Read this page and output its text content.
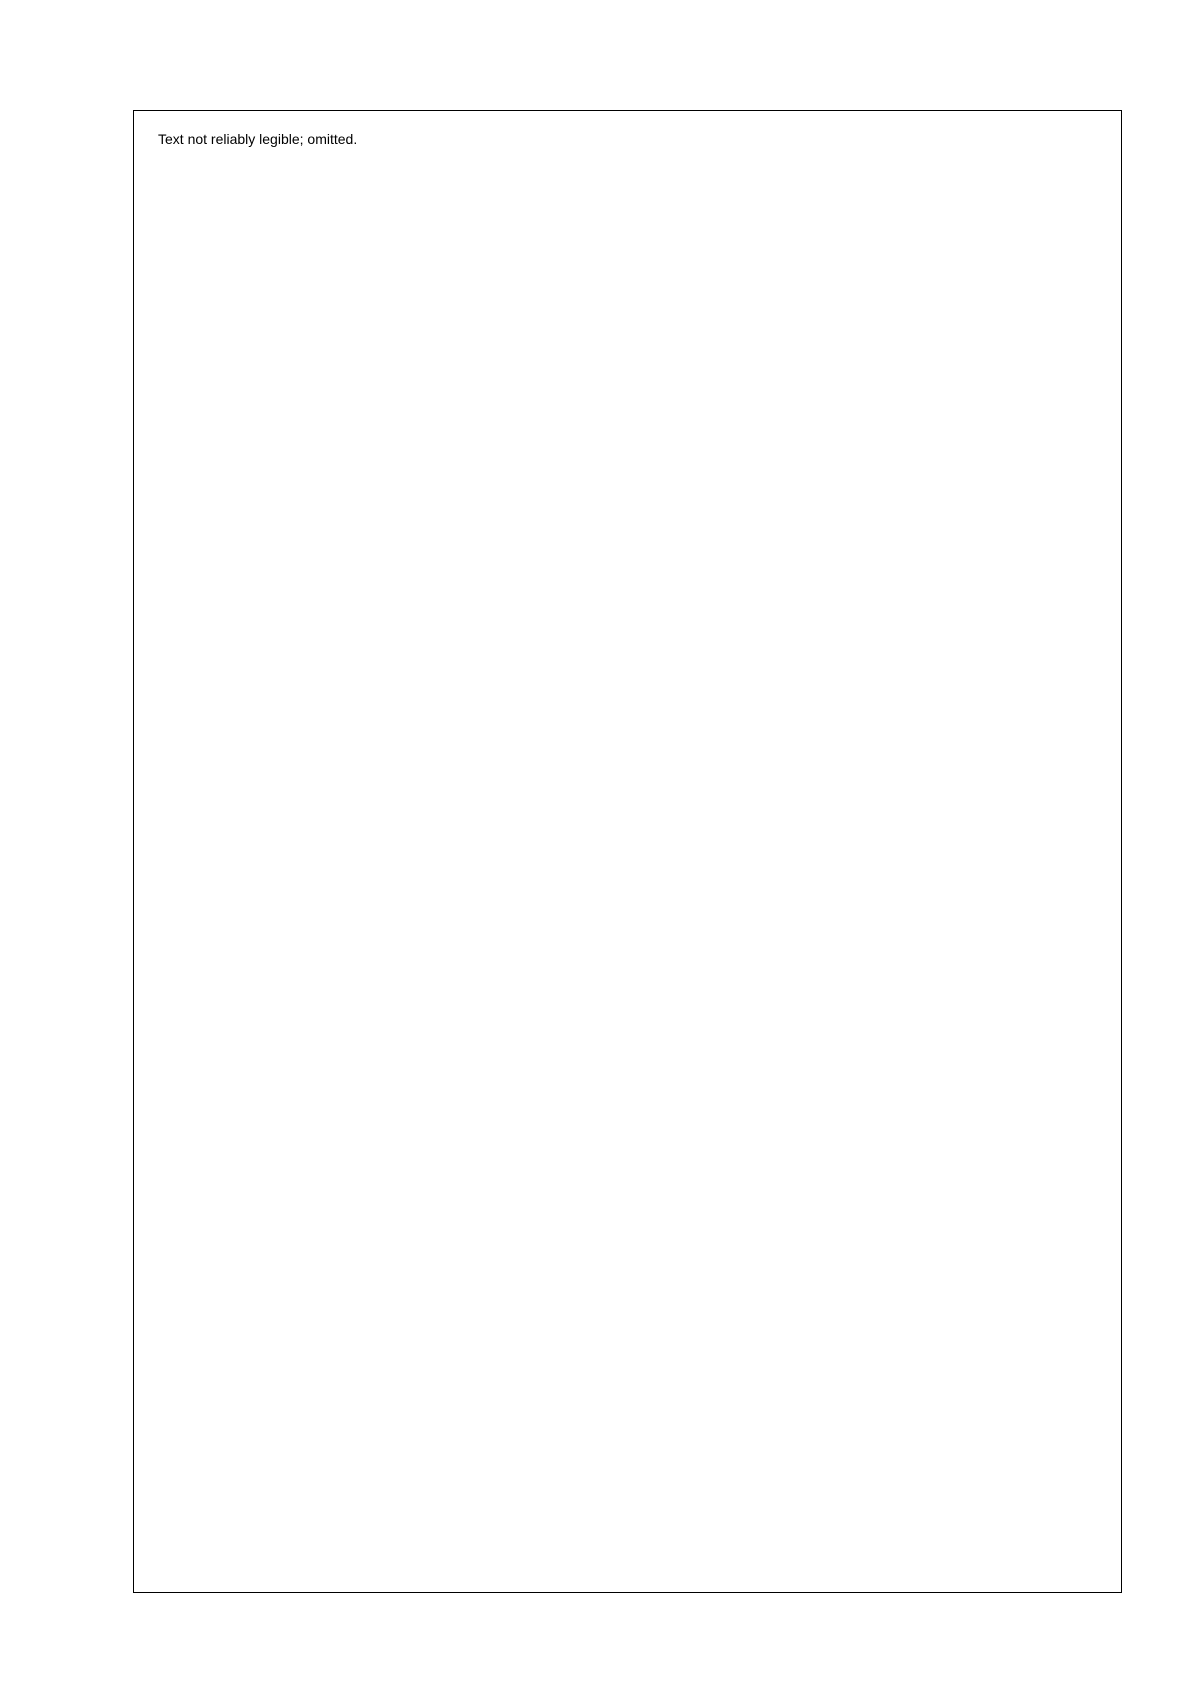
Text not reliably legible; omitted.
